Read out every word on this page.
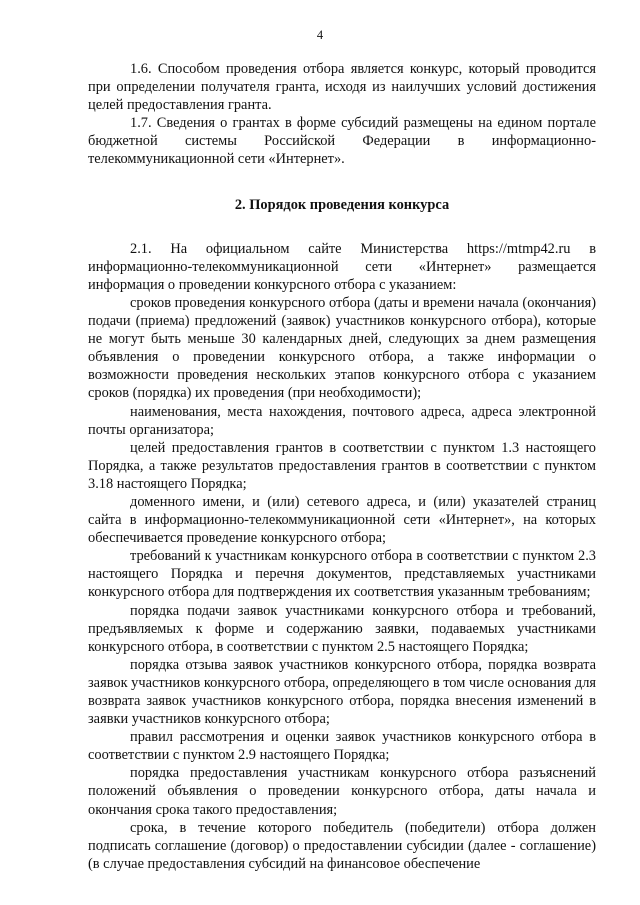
4

1.6. Способом проведения отбора является конкурс, который проводится при определении получателя гранта, исходя из наилучших условий достижения целей предоставления гранта.

1.7. Сведения о грантах в форме субсидий размещены на едином портале бюджетной системы Российской Федерации в информационно-телекоммуникационной сети «Интернет».

2. Порядок проведения конкурса

2.1. На официальном сайте Министерства https://mtmp42.ru в информационно-телекоммуникационной сети «Интернет» размещается информация о проведении конкурсного отбора с указанием:

сроков проведения конкурсного отбора (даты и времени начала (окончания) подачи (приема) предложений (заявок) участников конкурсного отбора), которые не могут быть меньше 30 календарных дней, следующих за днем размещения объявления о проведении конкурсного отбора, а также информации о возможности проведения нескольких этапов конкурсного отбора с указанием сроков (порядка) их проведения (при необходимости);

наименования, места нахождения, почтового адреса, адреса электронной почты организатора;

целей предоставления грантов в соответствии с пунктом 1.3 настоящего Порядка, а также результатов предоставления грантов в соответствии с пунктом 3.18 настоящего Порядка;

доменного имени, и (или) сетевого адреса, и (или) указателей страниц сайта в информационно-телекоммуникационной сети «Интернет», на которых обеспечивается проведение конкурсного отбора;

требований к участникам конкурсного отбора в соответствии с пунктом 2.3 настоящего Порядка и перечня документов, представляемых участниками конкурсного отбора для подтверждения их соответствия указанным требованиям;

порядка подачи заявок участниками конкурсного отбора и требований, предъявляемых к форме и содержанию заявки, подаваемых участниками конкурсного отбора, в соответствии с пунктом 2.5 настоящего Порядка;

порядка отзыва заявок участников конкурсного отбора, порядка возврата заявок участников конкурсного отбора, определяющего в том числе основания для возврата заявок участников конкурсного отбора, порядка внесения изменений в заявки участников конкурсного отбора;

правил рассмотрения и оценки заявок участников конкурсного отбора в соответствии с пунктом 2.9 настоящего Порядка;

порядка предоставления участникам конкурсного отбора разъяснений положений объявления о проведении конкурсного отбора, даты начала и окончания срока такого предоставления;

срока, в течение которого победитель (победители) отбора должен подписать соглашение (договор) о предоставлении субсидии (далее - соглашение) (в случае предоставления субсидий на финансовое обеспечение
